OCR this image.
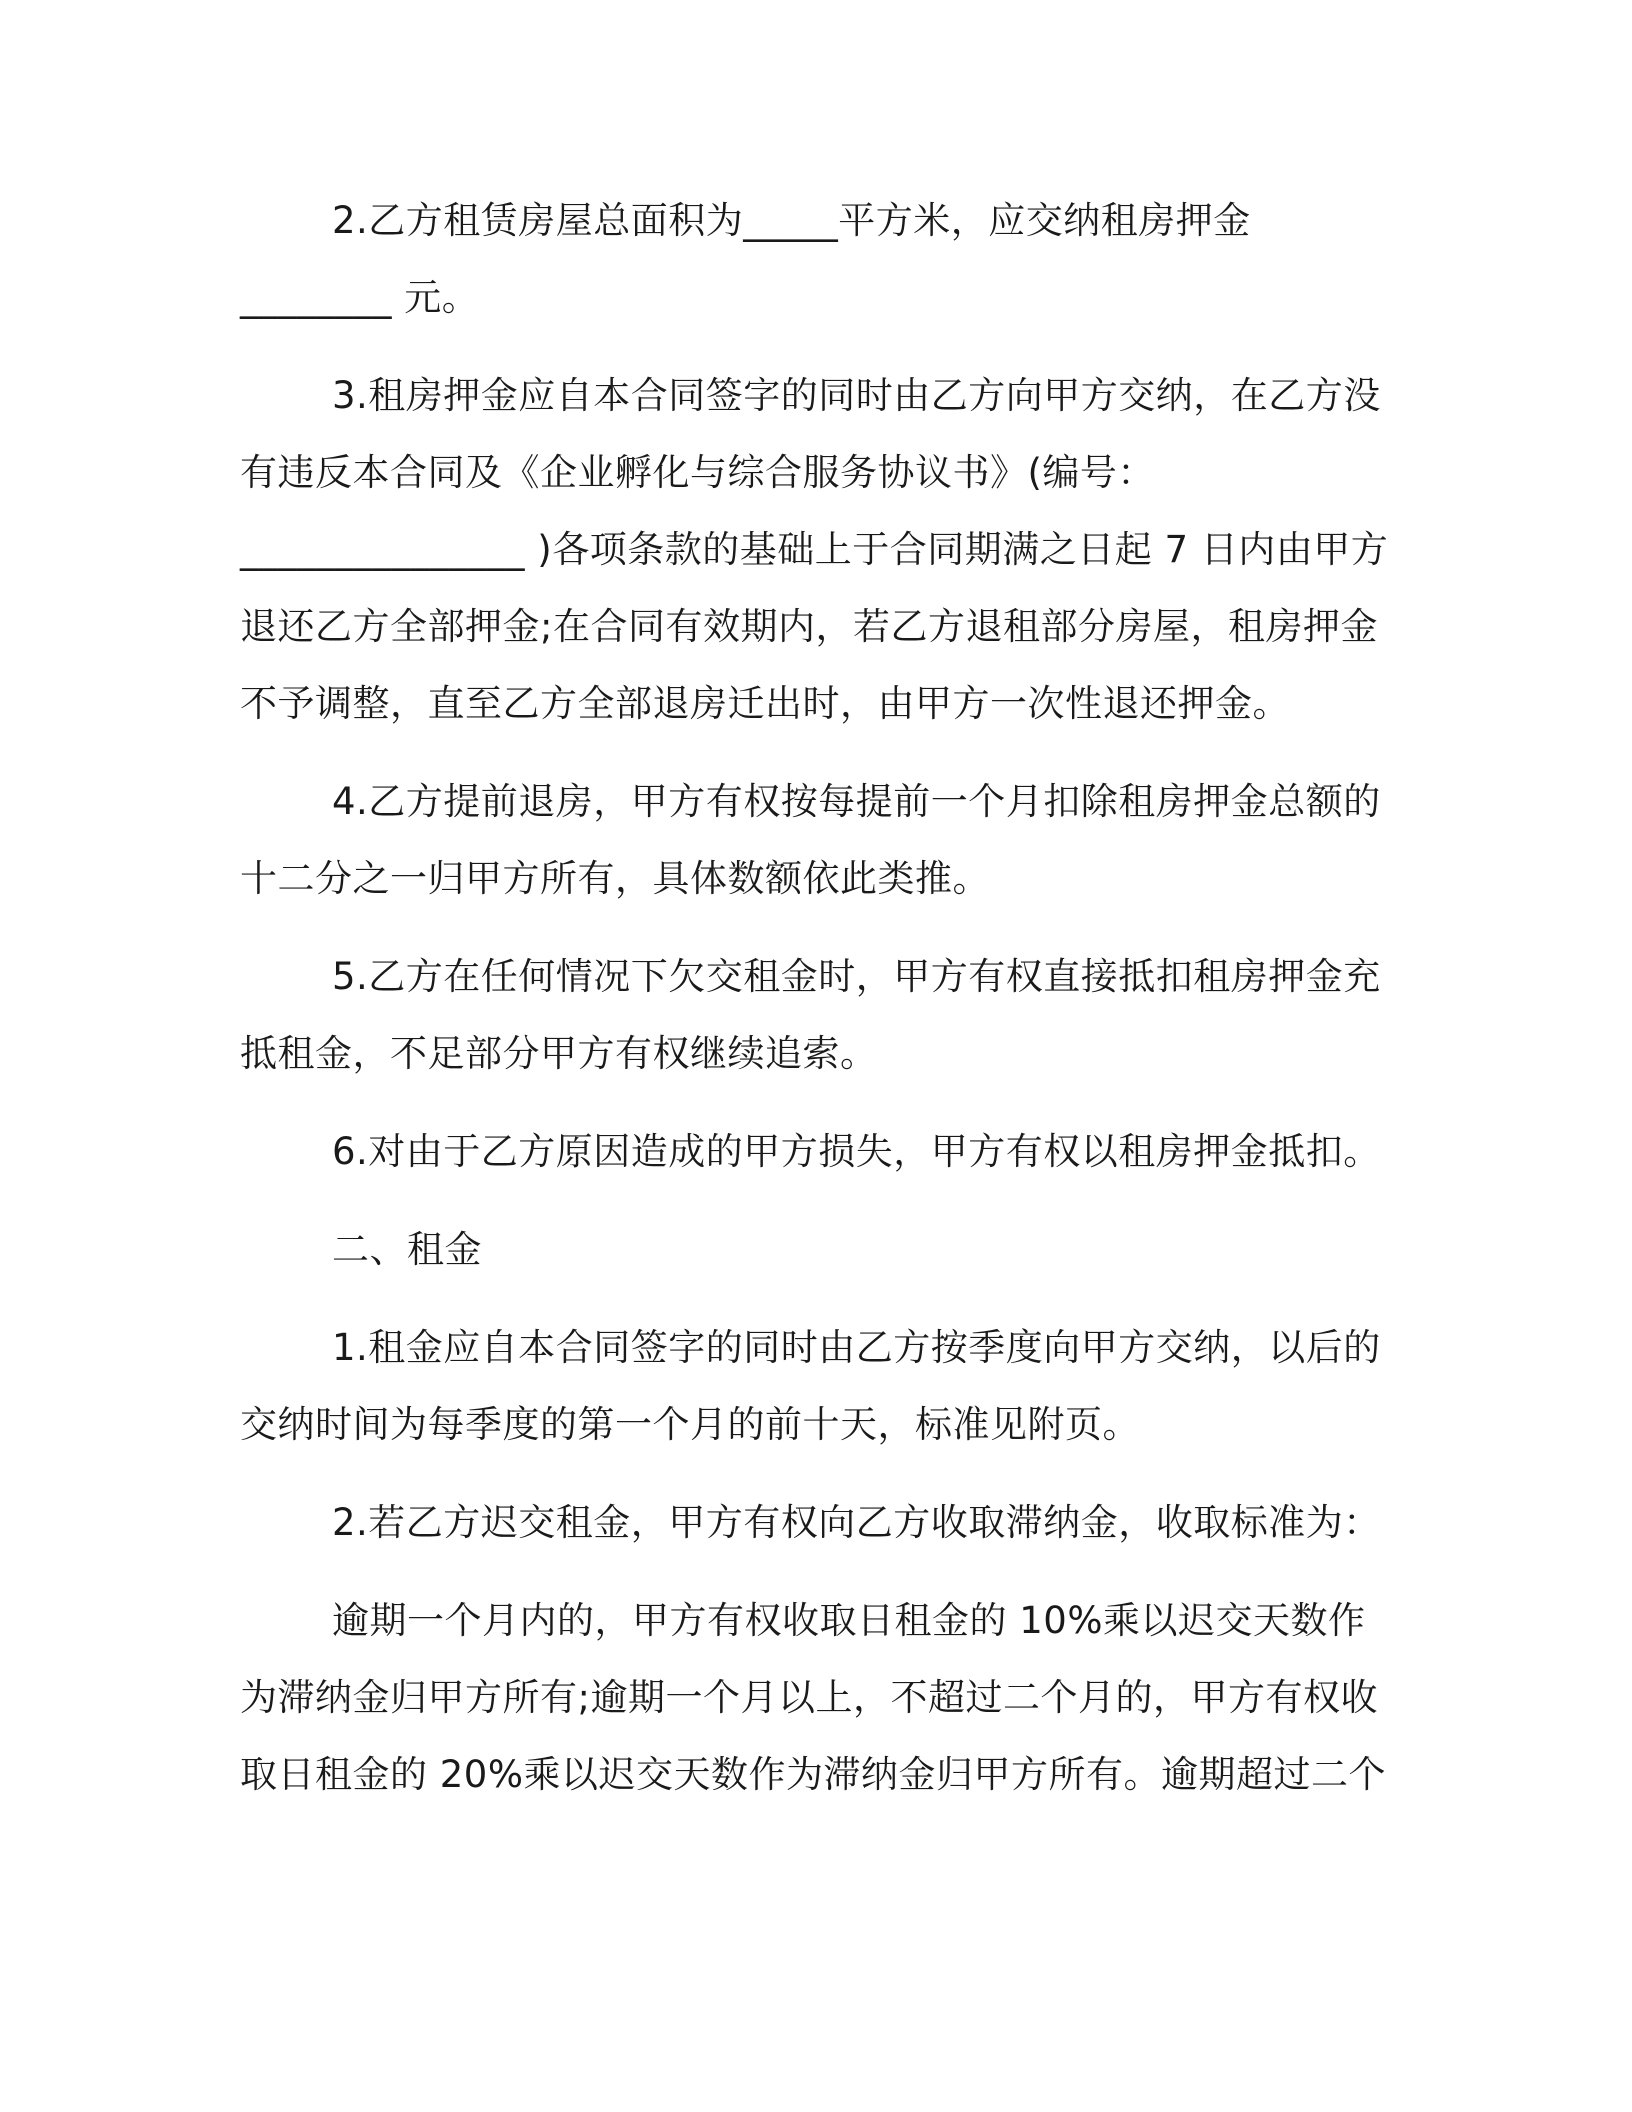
2.乙方租赁房屋总面积为_____平方米，应交纳租房押金
________ 元。
3.租房押金应自本合同签字的同时由乙方向甲方交纳，在乙方没
有违反本合同及《企业孵化与综合服务协议书》(编号：
_______________ )各项条款的基础上于合同期满之日起 7 日内由甲方
退还乙方全部押金;在合同有效期内，若乙方退租部分房屋，租房押金
不予调整，直至乙方全部退房迁出时，由甲方一次性退还押金。
4.乙方提前退房，甲方有权按每提前一个月扣除租房押金总额的
十二分之一归甲方所有，具体数额依此类推。
5.乙方在任何情况下欠交租金时，甲方有权直接抵扣租房押金充
抵租金，不足部分甲方有权继续追索。
6.对由于乙方原因造成的甲方损失，甲方有权以租房押金抵扣。
二、租金
1.租金应自本合同签字的同时由乙方按季度向甲方交纳，以后的
交纳时间为每季度的第一个月的前十天，标准见附页。
2.若乙方迟交租金，甲方有权向乙方收取滞纳金，收取标准为：
逾期一个月内的，甲方有权收取日租金的 10%乘以迟交天数作
为滞纳金归甲方所有;逾期一个月以上，不超过二个月的，甲方有权收
取日租金的 20%乘以迟交天数作为滞纳金归甲方所有。逾期超过二个
